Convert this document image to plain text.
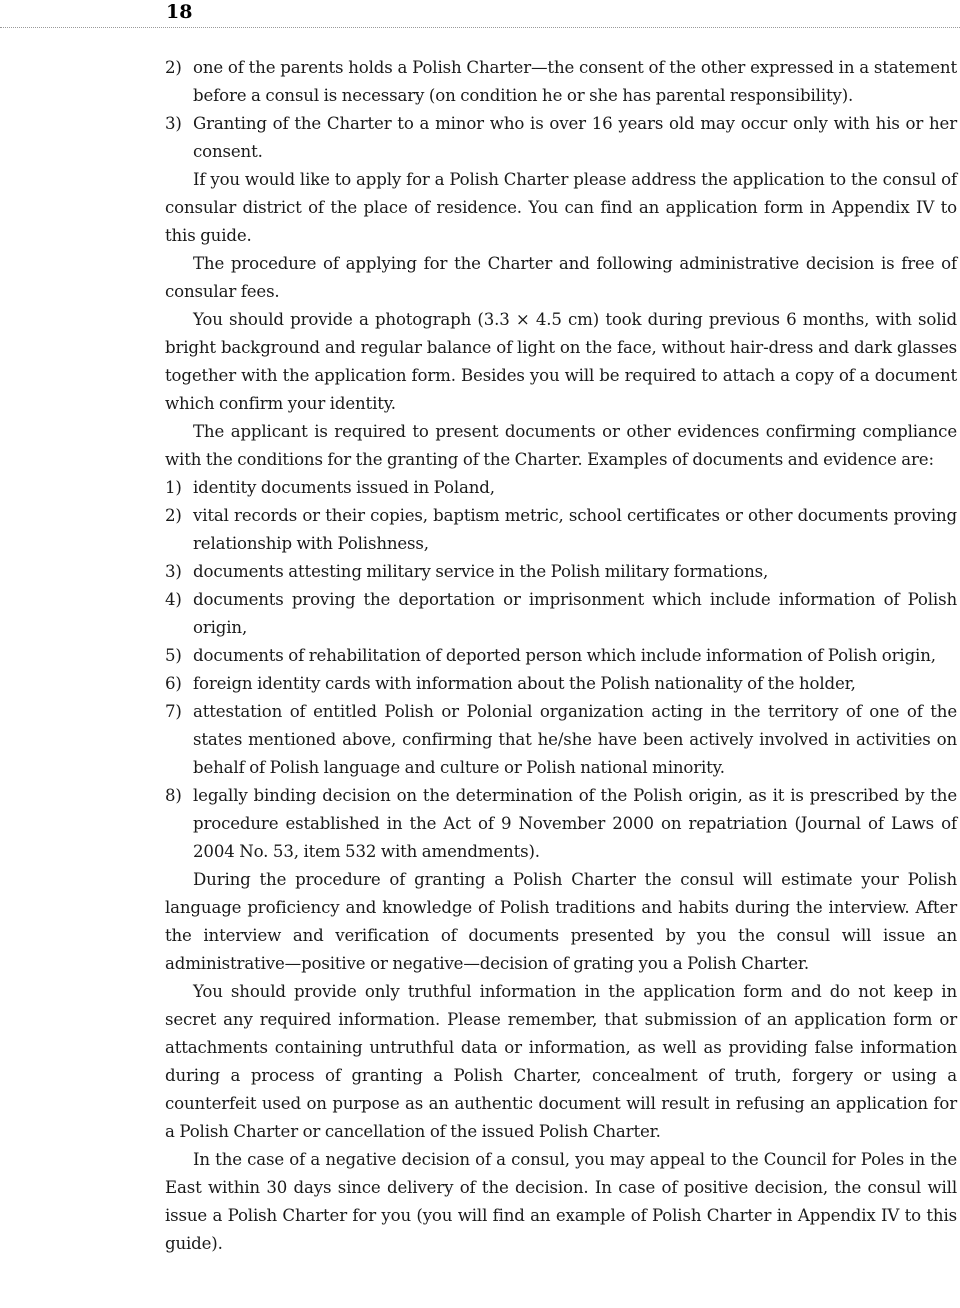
18
2) one of the parents holds a Polish Charter—the consent of the other expressed in a statement before a consul is necessary (on condition he or she has parental responsibility).
3) Granting of the Charter to a minor who is over 16 years old may occur only with his or her consent.

If you would like to apply for a Polish Charter please address the application to the consul of consular district of the place of residence. You can find an application form in Appendix IV to this guide.

The procedure of applying for the Charter and following administrative decision is free of consular fees.

You should provide a photograph (3.3 × 4.5 cm) took during previous 6 months, with solid bright background and regular balance of light on the face, without hair-dress and dark glasses together with the application form. Besides you will be required to attach a copy of a document which confirm your identity.

The applicant is required to present documents or other evidences confirming compliance with the conditions for the granting of the Charter. Examples of documents and evidence are:

1) identity documents issued in Poland,
2) vital records or their copies, baptism metric, school certificates or other documents proving relationship with Polishness,
3) documents attesting military service in the Polish military formations,
4) documents proving the deportation or imprisonment which include information of Polish origin,
5) documents of rehabilitation of deported person which include information of Polish origin,
6) foreign identity cards with information about the Polish nationality of the holder,
7) attestation of entitled Polish or Polonial organization acting in the territory of one of the states mentioned above, confirming that he/she have been actively involved in activities on behalf of Polish language and culture or Polish national minority.
8) legally binding decision on the determination of the Polish origin, as it is prescribed by the procedure established in the Act of 9 November 2000 on repatriation (Journal of Laws of 2004 No. 53, item 532 with amendments).

During the procedure of granting a Polish Charter the consul will estimate your Polish language proficiency and knowledge of Polish traditions and habits during the interview. After the interview and verification of documents presented by you the consul will issue an administrative—positive or negative—decision of grating you a Polish Charter.

You should provide only truthful information in the application form and do not keep in secret any required information. Please remember, that submission of an application form or attachments containing untruthful data or information, as well as providing false information during a process of granting a Polish Charter, concealment of truth, forgery or using a counterfeit used on purpose as an authentic document will result in refusing an application for a Polish Charter or cancellation of the issued Polish Charter.

In the case of a negative decision of a consul, you may appeal to the Council for Poles in the East within 30 days since delivery of the decision. In case of positive decision, the consul will issue a Polish Charter for you (you will find an example of Polish Charter in Appendix IV to this guide).
